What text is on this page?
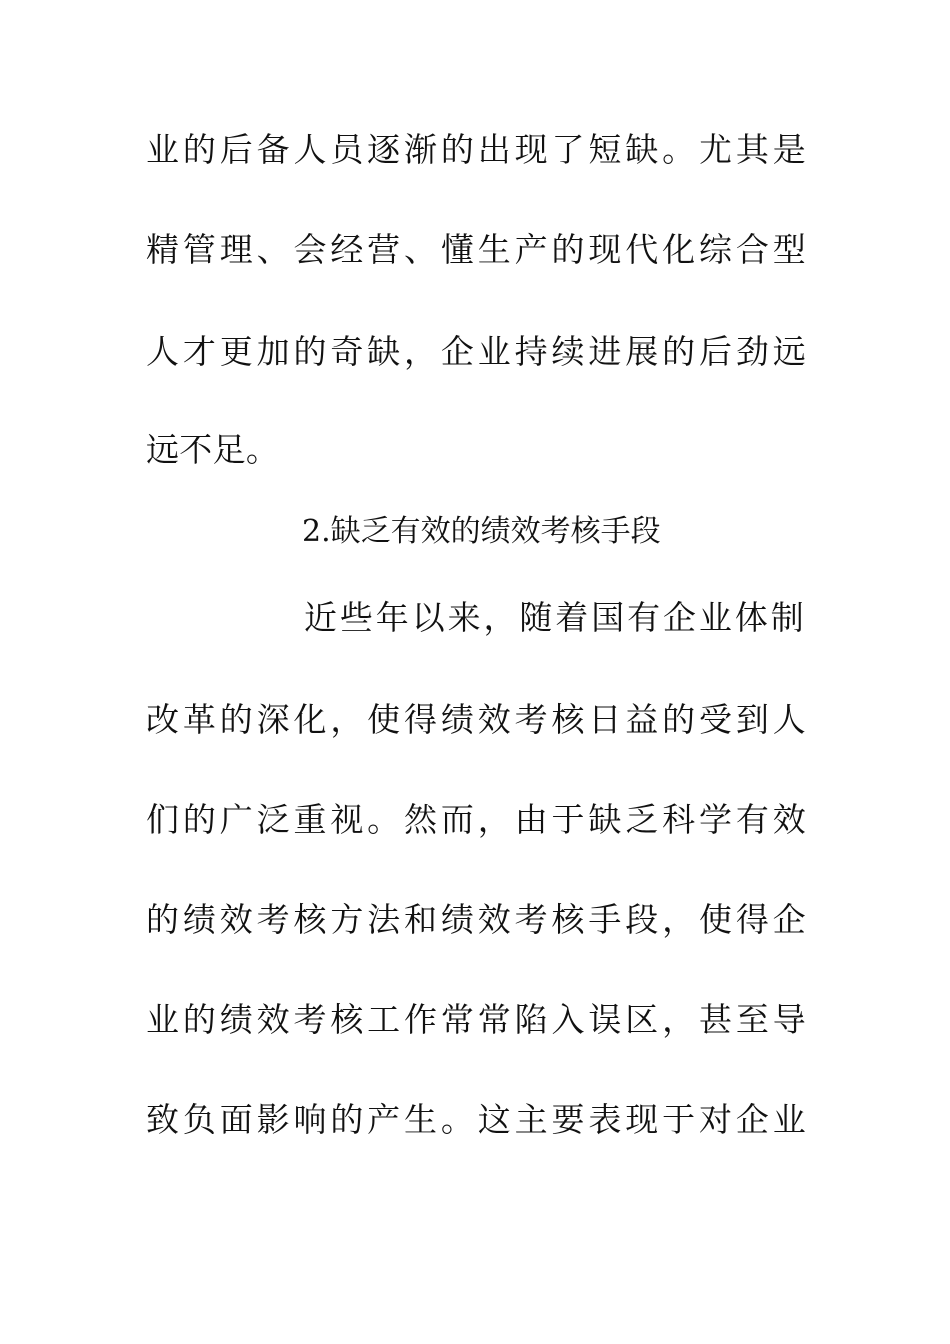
业的后备人员逐渐的出现了短缺。尤其是
精管理、会经营、懂生产的现代化综合型
人才更加的奇缺，企业持续进展的后劲远
远不足。
2.缺乏有效的绩效考核手段
近些年以来，随着国有企业体制
改革的深化，使得绩效考核日益的受到人
们的广泛重视。然而，由于缺乏科学有效
的绩效考核方法和绩效考核手段，使得企
业的绩效考核工作常常陷入误区，甚至导
致负面影响的产生。这主要表现于对企业
